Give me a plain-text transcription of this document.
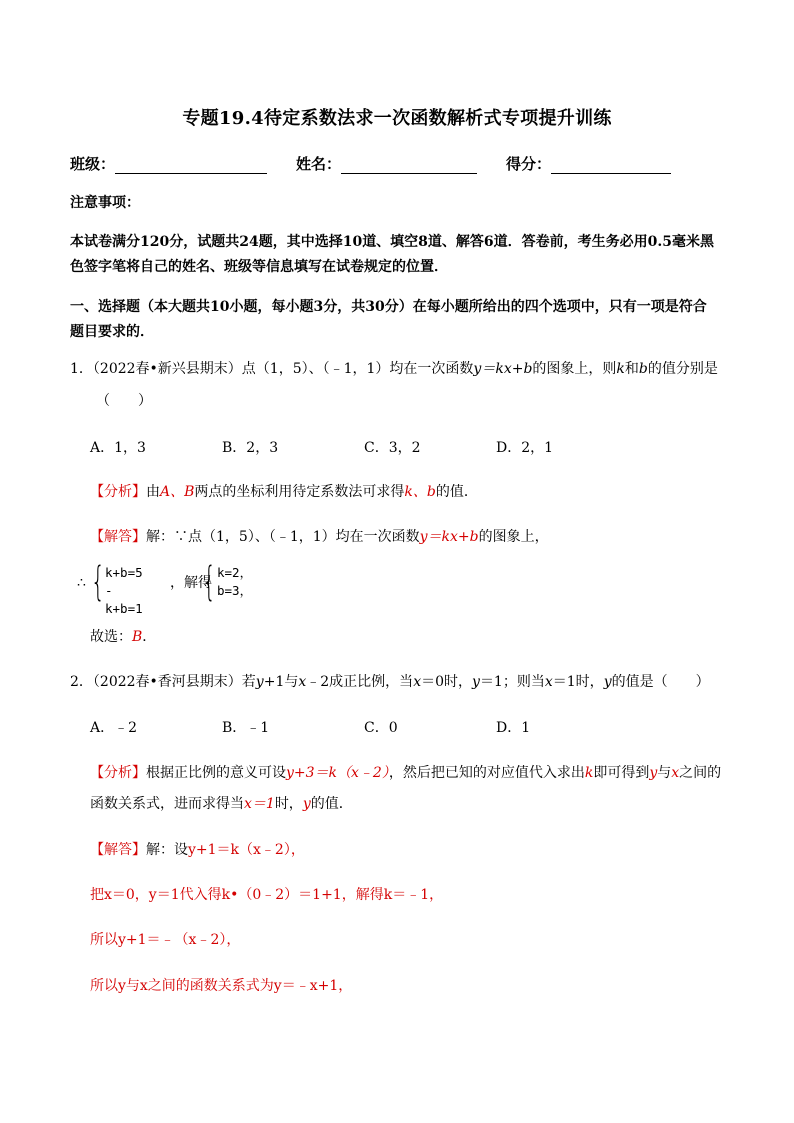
专题19.4待定系数法求一次函数解析式专项提升训练
班级：	姓名：	得分：
注意事项：
本试卷满分120分，试题共24题，其中选择10道、填空8道、解答6道．答卷前，考生务必用0.5毫米黑
色签字笔将自己的姓名、班级等信息填写在试卷规定的位置．
一、选择题（本大题共10小题，每小题3分，共30分）在每小题所给出的四个选项中，只有一项是符合
题目要求的．
1．（2022春•新兴县期末）点（1，5）、（﹣1，1）均在一次函数y＝kx+b的图象上，则k和b的值分别是
（　　）
A．1，3	B．2，3	C．3，2	D．2，1
【分析】由A、B两点的坐标利用待定系数法可求得k、b的值．
【解答】解：∵点（1，5）、（﹣1，1）均在一次函数y＝kx+b的图象上，
∴ { k+b=5
-k+b=1
，解得
{ k=2，
b=3，
故选：B．
2．（2022春•香河县期末）若y+1与x﹣2成正比例，当x＝0时，y＝1；则当x＝1时，y的值是（　　）
A．﹣2	B．﹣1	C．0	D．1
【分析】根据正比例的意义可设y+3＝k（x﹣2），然后把已知的对应值代入求出k即可得到y与x之间的
函数关系式，进而求得当x＝1时，y的值．
【解答】解：设y+1＝k（x﹣2），
把x＝0，y＝1代入得k•（0﹣2）＝1+1，解得k＝﹣1，
所以y+1＝﹣（x﹣2），
所以y与x之间的函数关系式为y＝﹣x+1，
